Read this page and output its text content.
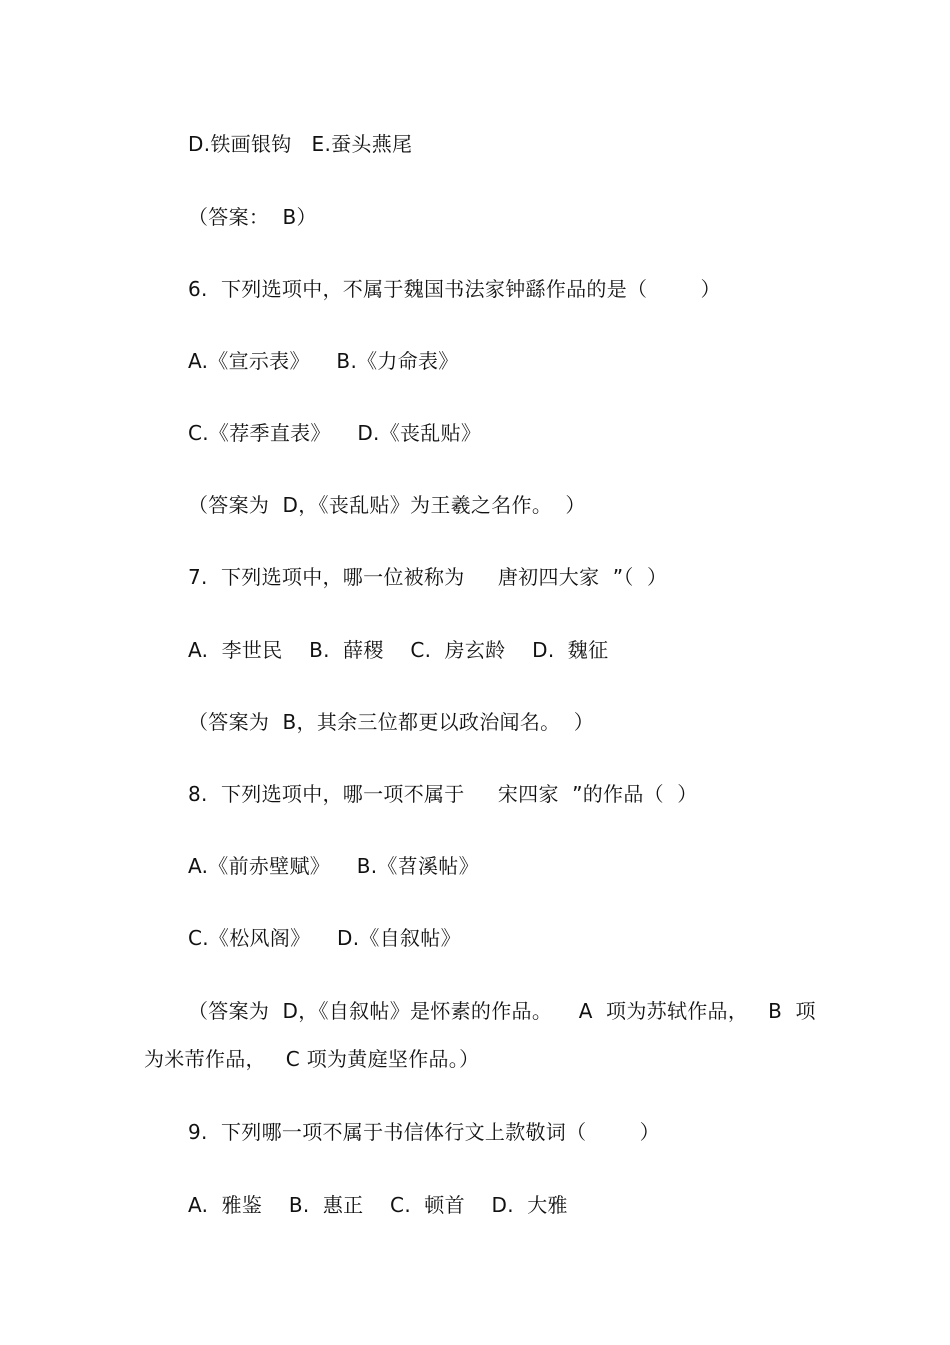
D.铁画银钩   E.蚕头燕尾
（答案：  B）
6.  下列选项中，不属于魏国书法家钟繇作品的是（        ）
A.《宣示表》    B.《力命表》
C.《荐季直表》    D.《丧乱贴》
（答案为  D，《丧乱贴》为王羲之名作。  ）
7.  下列选项中，哪一位被称为     唐初四大家  ”（  ）
A.  李世民    B.  薛稷    C.  房玄龄    D.  魏征
（答案为  B，其余三位都更以政治闻名。  ）
8.  下列选项中，哪一项不属于     宋四家  ”的作品（  ）
A.《前赤壁赋》    B.《苕溪帖》
C.《松风阁》    D.《自叙帖》
（答案为  D，《自叙帖》是怀素的作品。    A  项为苏轼作品，   B  项
为米芾作品，   C 项为黄庭坚作品。）
9.  下列哪一项不属于书信体行文上款敬词（        ）
A.  雅鉴    B.  惠正    C.  顿首    D.  大雅
